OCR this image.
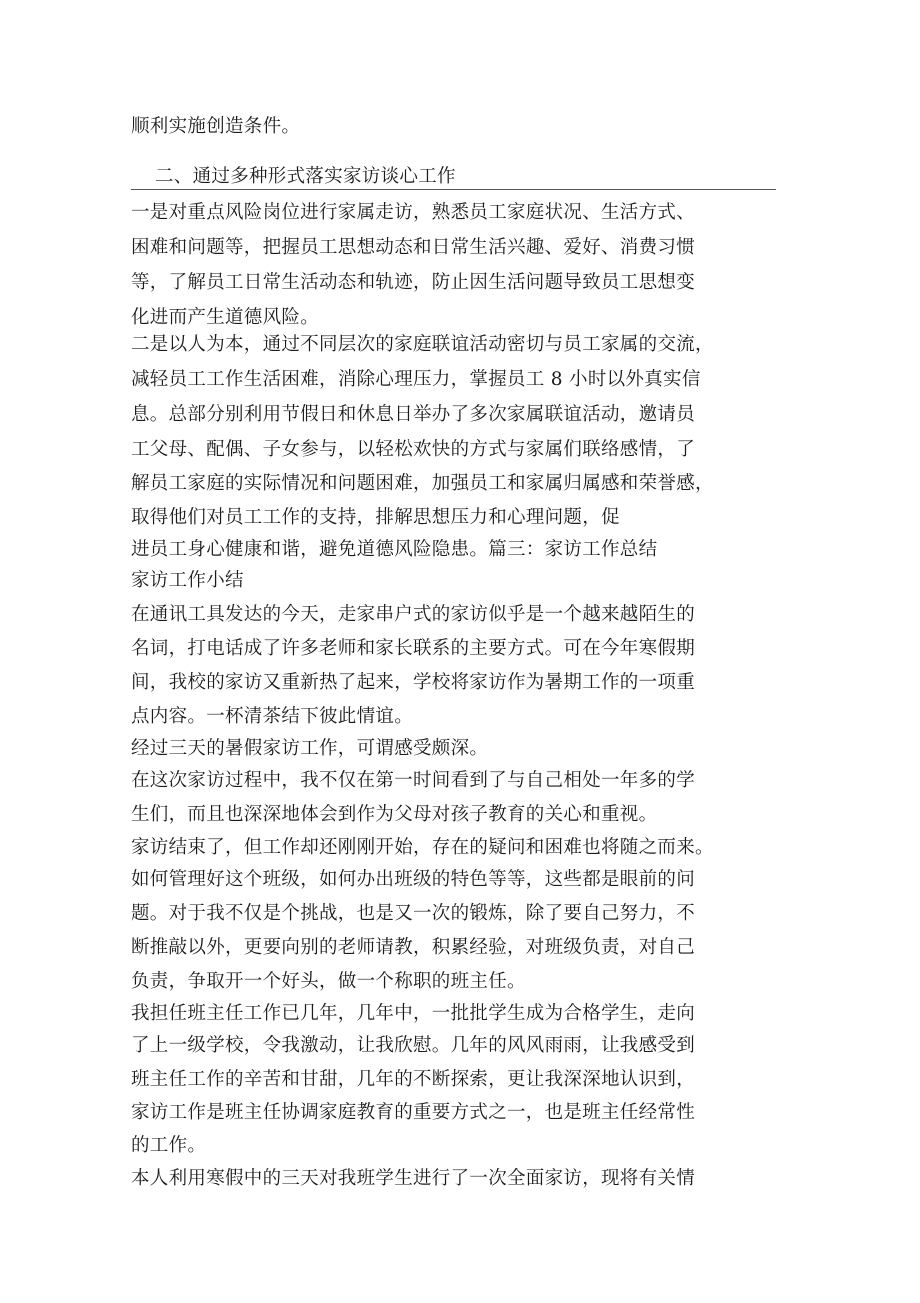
顺利实施创造条件。
二、通过多种形式落实家访谈心工作
一是对重点风险岗位进行家属走访，熟悉员工家庭状况、生活方式、
困难和问题等，把握员工思想动态和日常生活兴趣、爱好、消费习惯
等，了解员工日常生活动态和轨迹，防止因生活问题导致员工思想变
化进而产生道德风险。
二是以人为本，通过不同层次的家庭联谊活动密切与员工家属的交流，
减轻员工工作生活困难，消除心理压力，掌握员工 8 小时以外真实信
息。总部分别利用节假日和休息日举办了多次家属联谊活动，邀请员
工父母、配偶、子女参与，以轻松欢快的方式与家属们联络感情，了
解员工家庭的实际情况和问题困难，加强员工和家属归属感和荣誉感，
取得他们对员工工作的支持，排解思想压力和心理问题，促
进员工身心健康和谐，避免道德风险隐患。篇三：家访工作总结
家访工作小结
在通讯工具发达的今天，走家串户式的家访似乎是一个越来越陌生的
名词，打电话成了许多老师和家长联系的主要方式。可在今年寒假期
间，我校的家访又重新热了起来，学校将家访作为暑期工作的一项重
点内容。一杯清茶结下彼此情谊。
经过三天的暑假家访工作，可谓感受颇深。
在这次家访过程中，我不仅在第一时间看到了与自己相处一年多的学
生们，而且也深深地体会到作为父母对孩子教育的关心和重视。
家访结束了，但工作却还刚刚开始，存在的疑问和困难也将随之而来。
如何管理好这个班级，如何办出班级的特色等等，这些都是眼前的问
题。对于我不仅是个挑战，也是又一次的锻炼，除了要自己努力，不
断推敲以外，更要向别的老师请教，积累经验，对班级负责，对自己
负责，争取开一个好头，做一个称职的班主任。
我担任班主任工作已几年，几年中，一批批学生成为合格学生，走向
了上一级学校，令我激动，让我欣慰。几年的风风雨雨，让我感受到
班主任工作的辛苦和甘甜，几年的不断探索，更让我深深地认识到，
家访工作是班主任协调家庭教育的重要方式之一，也是班主任经常性
的工作。
本人利用寒假中的三天对我班学生进行了一次全面家访，现将有关情
